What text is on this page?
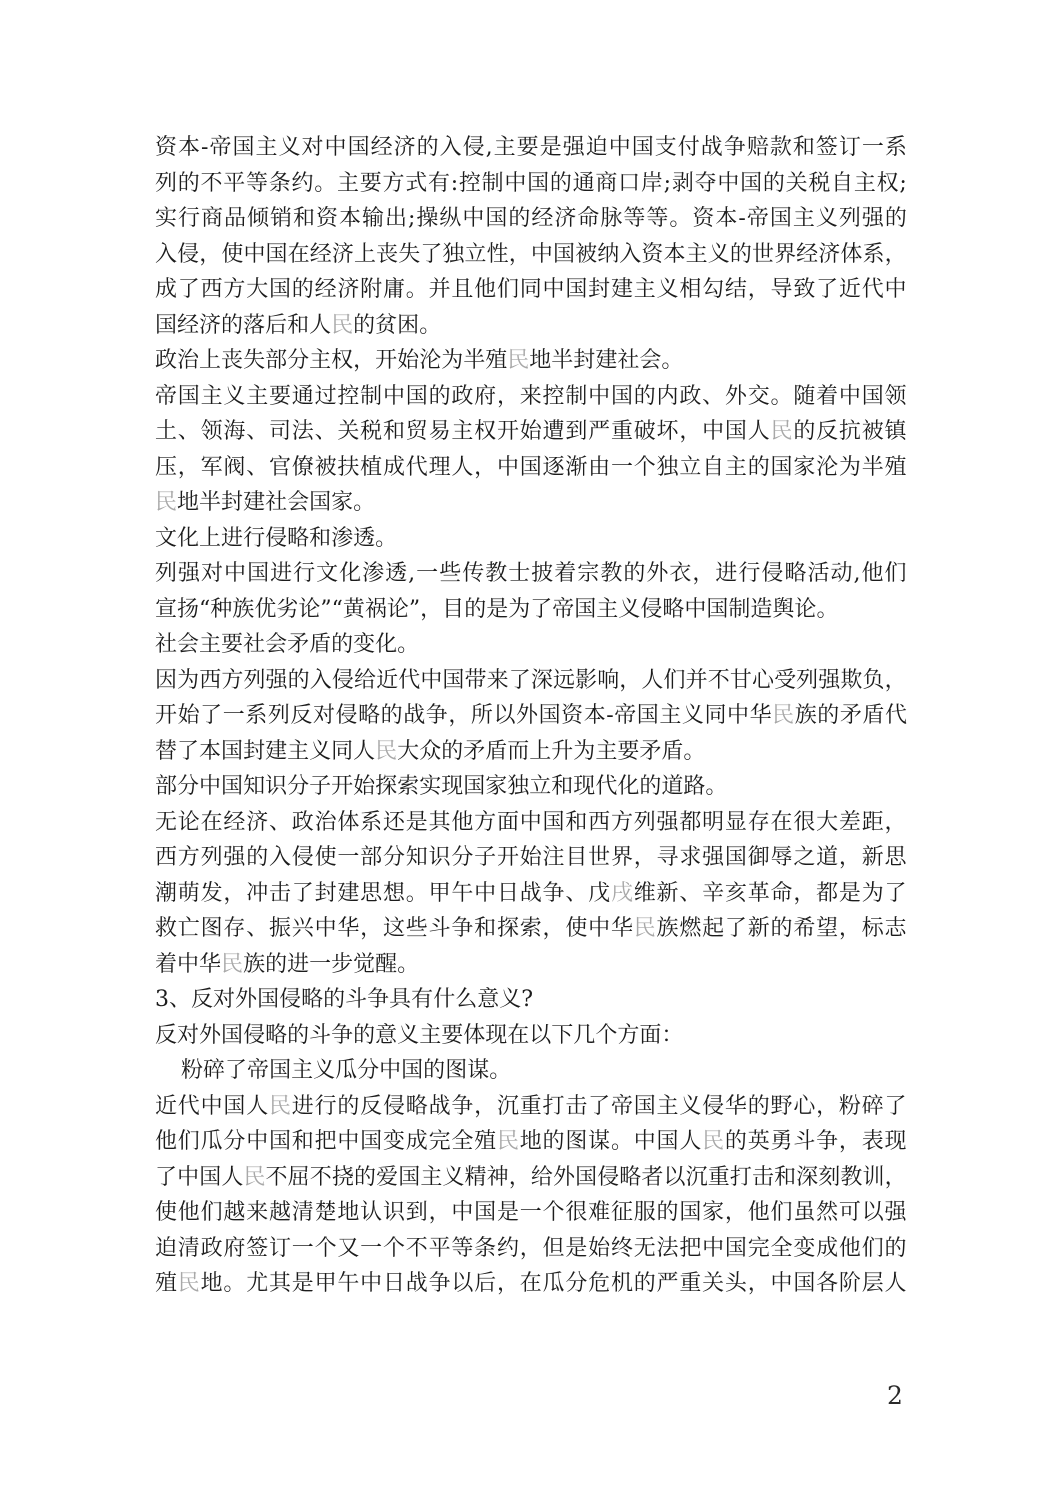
资本-帝国主义对中国经济的入侵,主要是强迫中国支付战争赔款和签订一系
列的不平等条约。主要方式有:控制中国的通商口岸;剥夺中国的关税自主权;
实行商品倾销和资本输出;操纵中国的经济命脉等等。资本-帝国主义列强的
入侵，使中国在经济上丧失了独立性，中国被纳入资本主义的世界经济体系，
成了西方大国的经济附庸。并且他们同中国封建主义相勾结，导致了近代中
国经济的落后和人民的贫困。
政治上丧失部分主权，开始沦为半殖民地半封建社会。
帝国主义主要通过控制中国的政府，来控制中国的内政、外交。随着中国领
土、领海、司法、关税和贸易主权开始遭到严重破坏，中国人民的反抗被镇
压，军阀、官僚被扶植成代理人，中国逐渐由一个独立自主的国家沦为半殖
民地半封建社会国家。
文化上进行侵略和渗透。
列强对中国进行文化渗透,一些传教士披着宗教的外衣，进行侵略活动,他们
宣扬“种族优劣论”“黄祸论”，目的是为了帝国主义侵略中国制造舆论。
社会主要社会矛盾的变化。
因为西方列强的入侵给近代中国带来了深远影响，人们并不甘心受列强欺负，
开始了一系列反对侵略的战争，所以外国资本-帝国主义同中华民族的矛盾代
替了本国封建主义同人民大众的矛盾而上升为主要矛盾。
部分中国知识分子开始探索实现国家独立和现代化的道路。
无论在经济、政治体系还是其他方面中国和西方列强都明显存在很大差距，
西方列强的入侵使一部分知识分子开始注目世界，寻求强国御辱之道，新思
潮萌发，冲击了封建思想。甲午中日战争、戊戌维新、辛亥革命，都是为了
救亡图存、振兴中华，这些斗争和探索，使中华民族燃起了新的希望，标志
着中华民族的进一步觉醒。
3、反对外国侵略的斗争具有什么意义?
反对外国侵略的斗争的意义主要体现在以下几个方面：
粉碎了帝国主义瓜分中国的图谋。
近代中国人民进行的反侵略战争，沉重打击了帝国主义侵华的野心，粉碎了
他们瓜分中国和把中国变成完全殖民地的图谋。中国人民的英勇斗争，表现
了中国人民不屈不挠的爱国主义精神，给外国侵略者以沉重打击和深刻教训，
使他们越来越清楚地认识到，中国是一个很难征服的国家，他们虽然可以强
迫清政府签订一个又一个不平等条约，但是始终无法把中国完全变成他们的
殖民地。尤其是甲午中日战争以后，在瓜分危机的严重关头，中国各阶层人
2
